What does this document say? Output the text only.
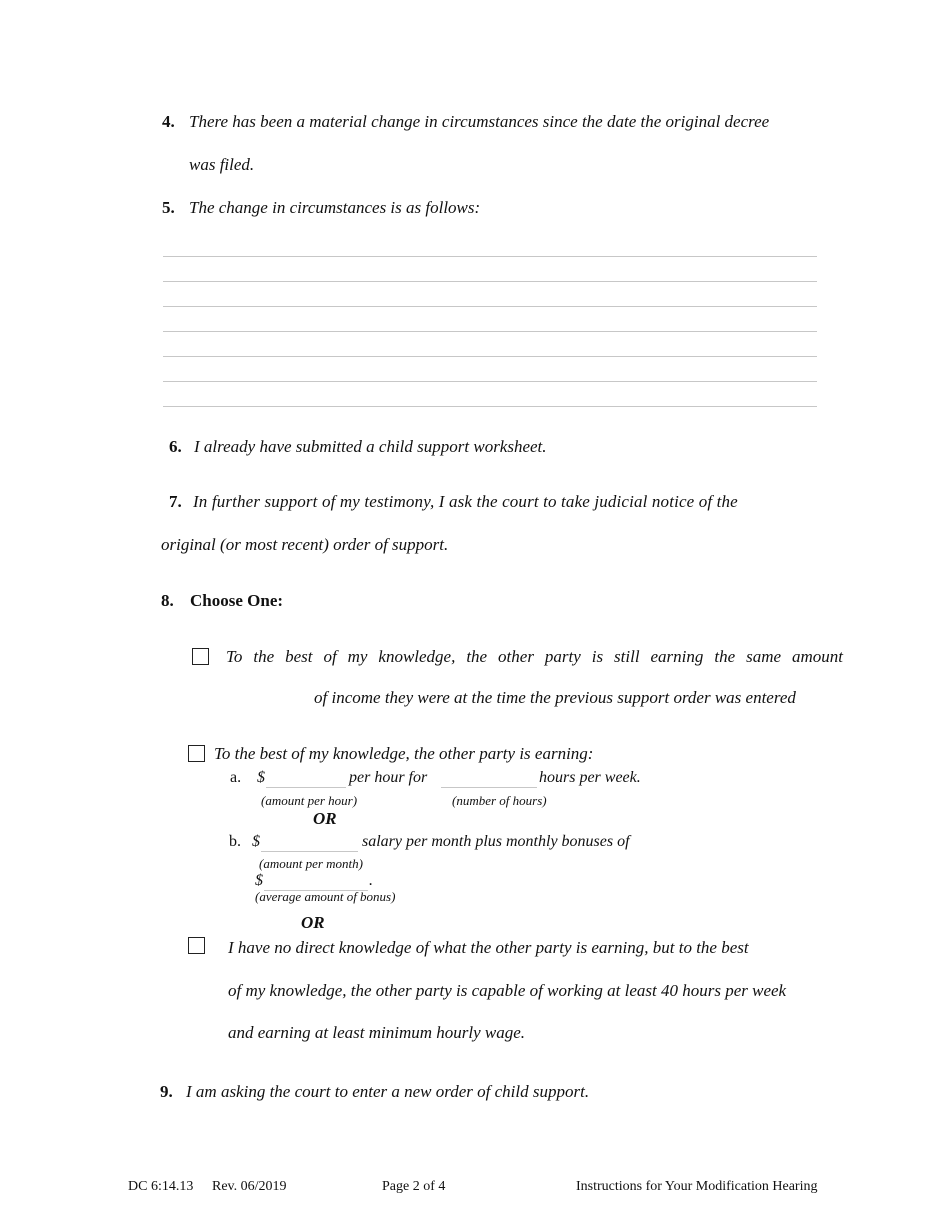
4. There has been a material change in circumstances since the date the original decree
was filed.
5. The change in circumstances is as follows:
6. I already have submitted a child support worksheet.
7. In further support of my testimony, I ask the court to take judicial notice of the
original (or most recent) order of support.
8. Choose One:
To the best of my knowledge, the other party is still earning the same amount
of income they were at the time the previous support order was entered
To the best of my knowledge, the other party is earning:
a. $	per hour for	hours per week.
(amount per hour)	(number of hours)
OR
b. $	salary per month plus monthly bonuses of
(amount per month)
$	.
(average amount of bonus)
OR
I have no direct knowledge of what the other party is earning, but to the best
of my knowledge, the other party is capable of working at least 40 hours per week
and earning at least minimum hourly wage.
9. I am asking the court to enter a new order of child support.
DC 6:14.13 Rev. 06/2019	Page 2 of 4	Instructions for Your Modification Hearing
